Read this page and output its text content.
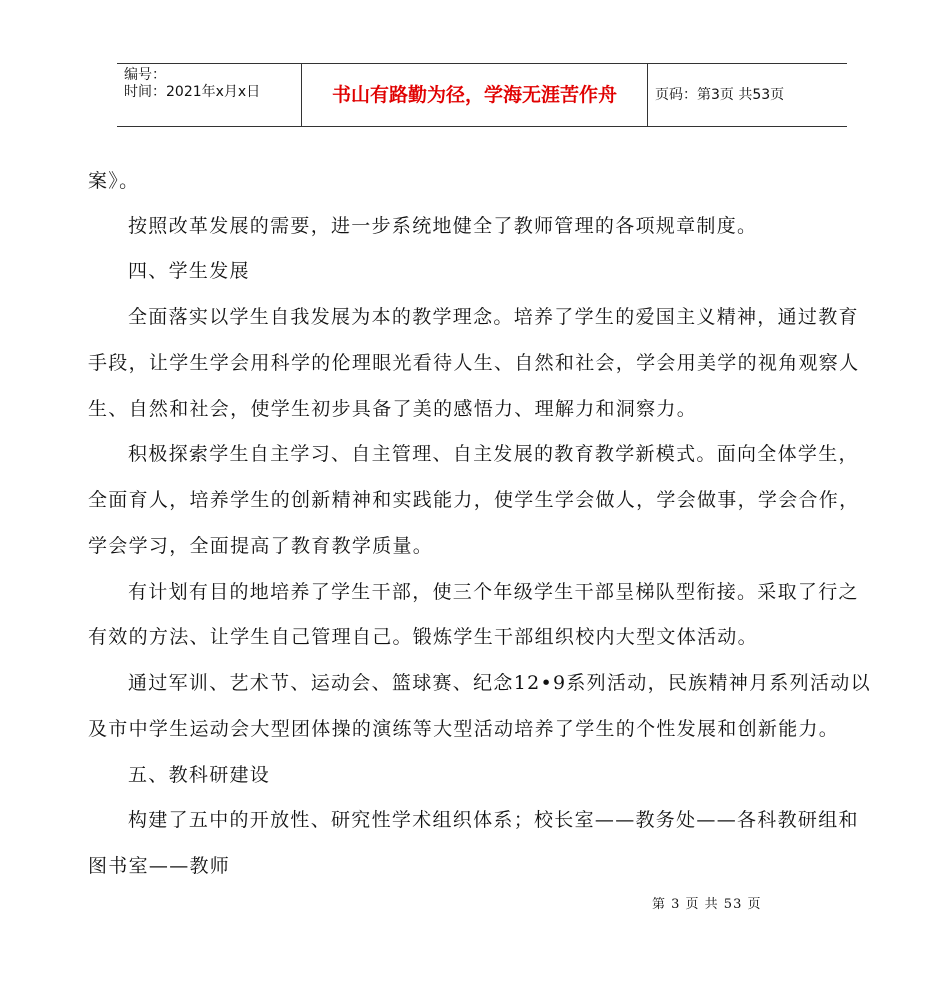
编号：
时间：2021年x月x日	书山有路勤为径，学海无涯苦作舟	页码：第3页 共53页
案》。
按照改革发展的需要，进一步系统地健全了教师管理的各项规章制度。
四、学生发展
全面落实以学生自我发展为本的教学理念。培养了学生的爱国主义精神，通过教育
手段，让学生学会用科学的伦理眼光看待人生、自然和社会，学会用美学的视角观察人
生、自然和社会，使学生初步具备了美的感悟力、理解力和洞察力。
积极探索学生自主学习、自主管理、自主发展的教育教学新模式。面向全体学生，
全面育人，培养学生的创新精神和实践能力，使学生学会做人，学会做事，学会合作，
学会学习，全面提高了教育教学质量。
有计划有目的地培养了学生干部，使三个年级学生干部呈梯队型衔接。采取了行之
有效的方法、让学生自己管理自己。锻炼学生干部组织校内大型文体活动。
通过军训、艺术节、运动会、篮球赛、纪念12•9系列活动，民族精神月系列活动以
及市中学生运动会大型团体操的演练等大型活动培养了学生的个性发展和创新能力。
五、教科研建设
构建了五中的开放性、研究性学术组织体系；校长室——教务处——各科教研组和
图书室——教师
第 3 页 共 53 页
